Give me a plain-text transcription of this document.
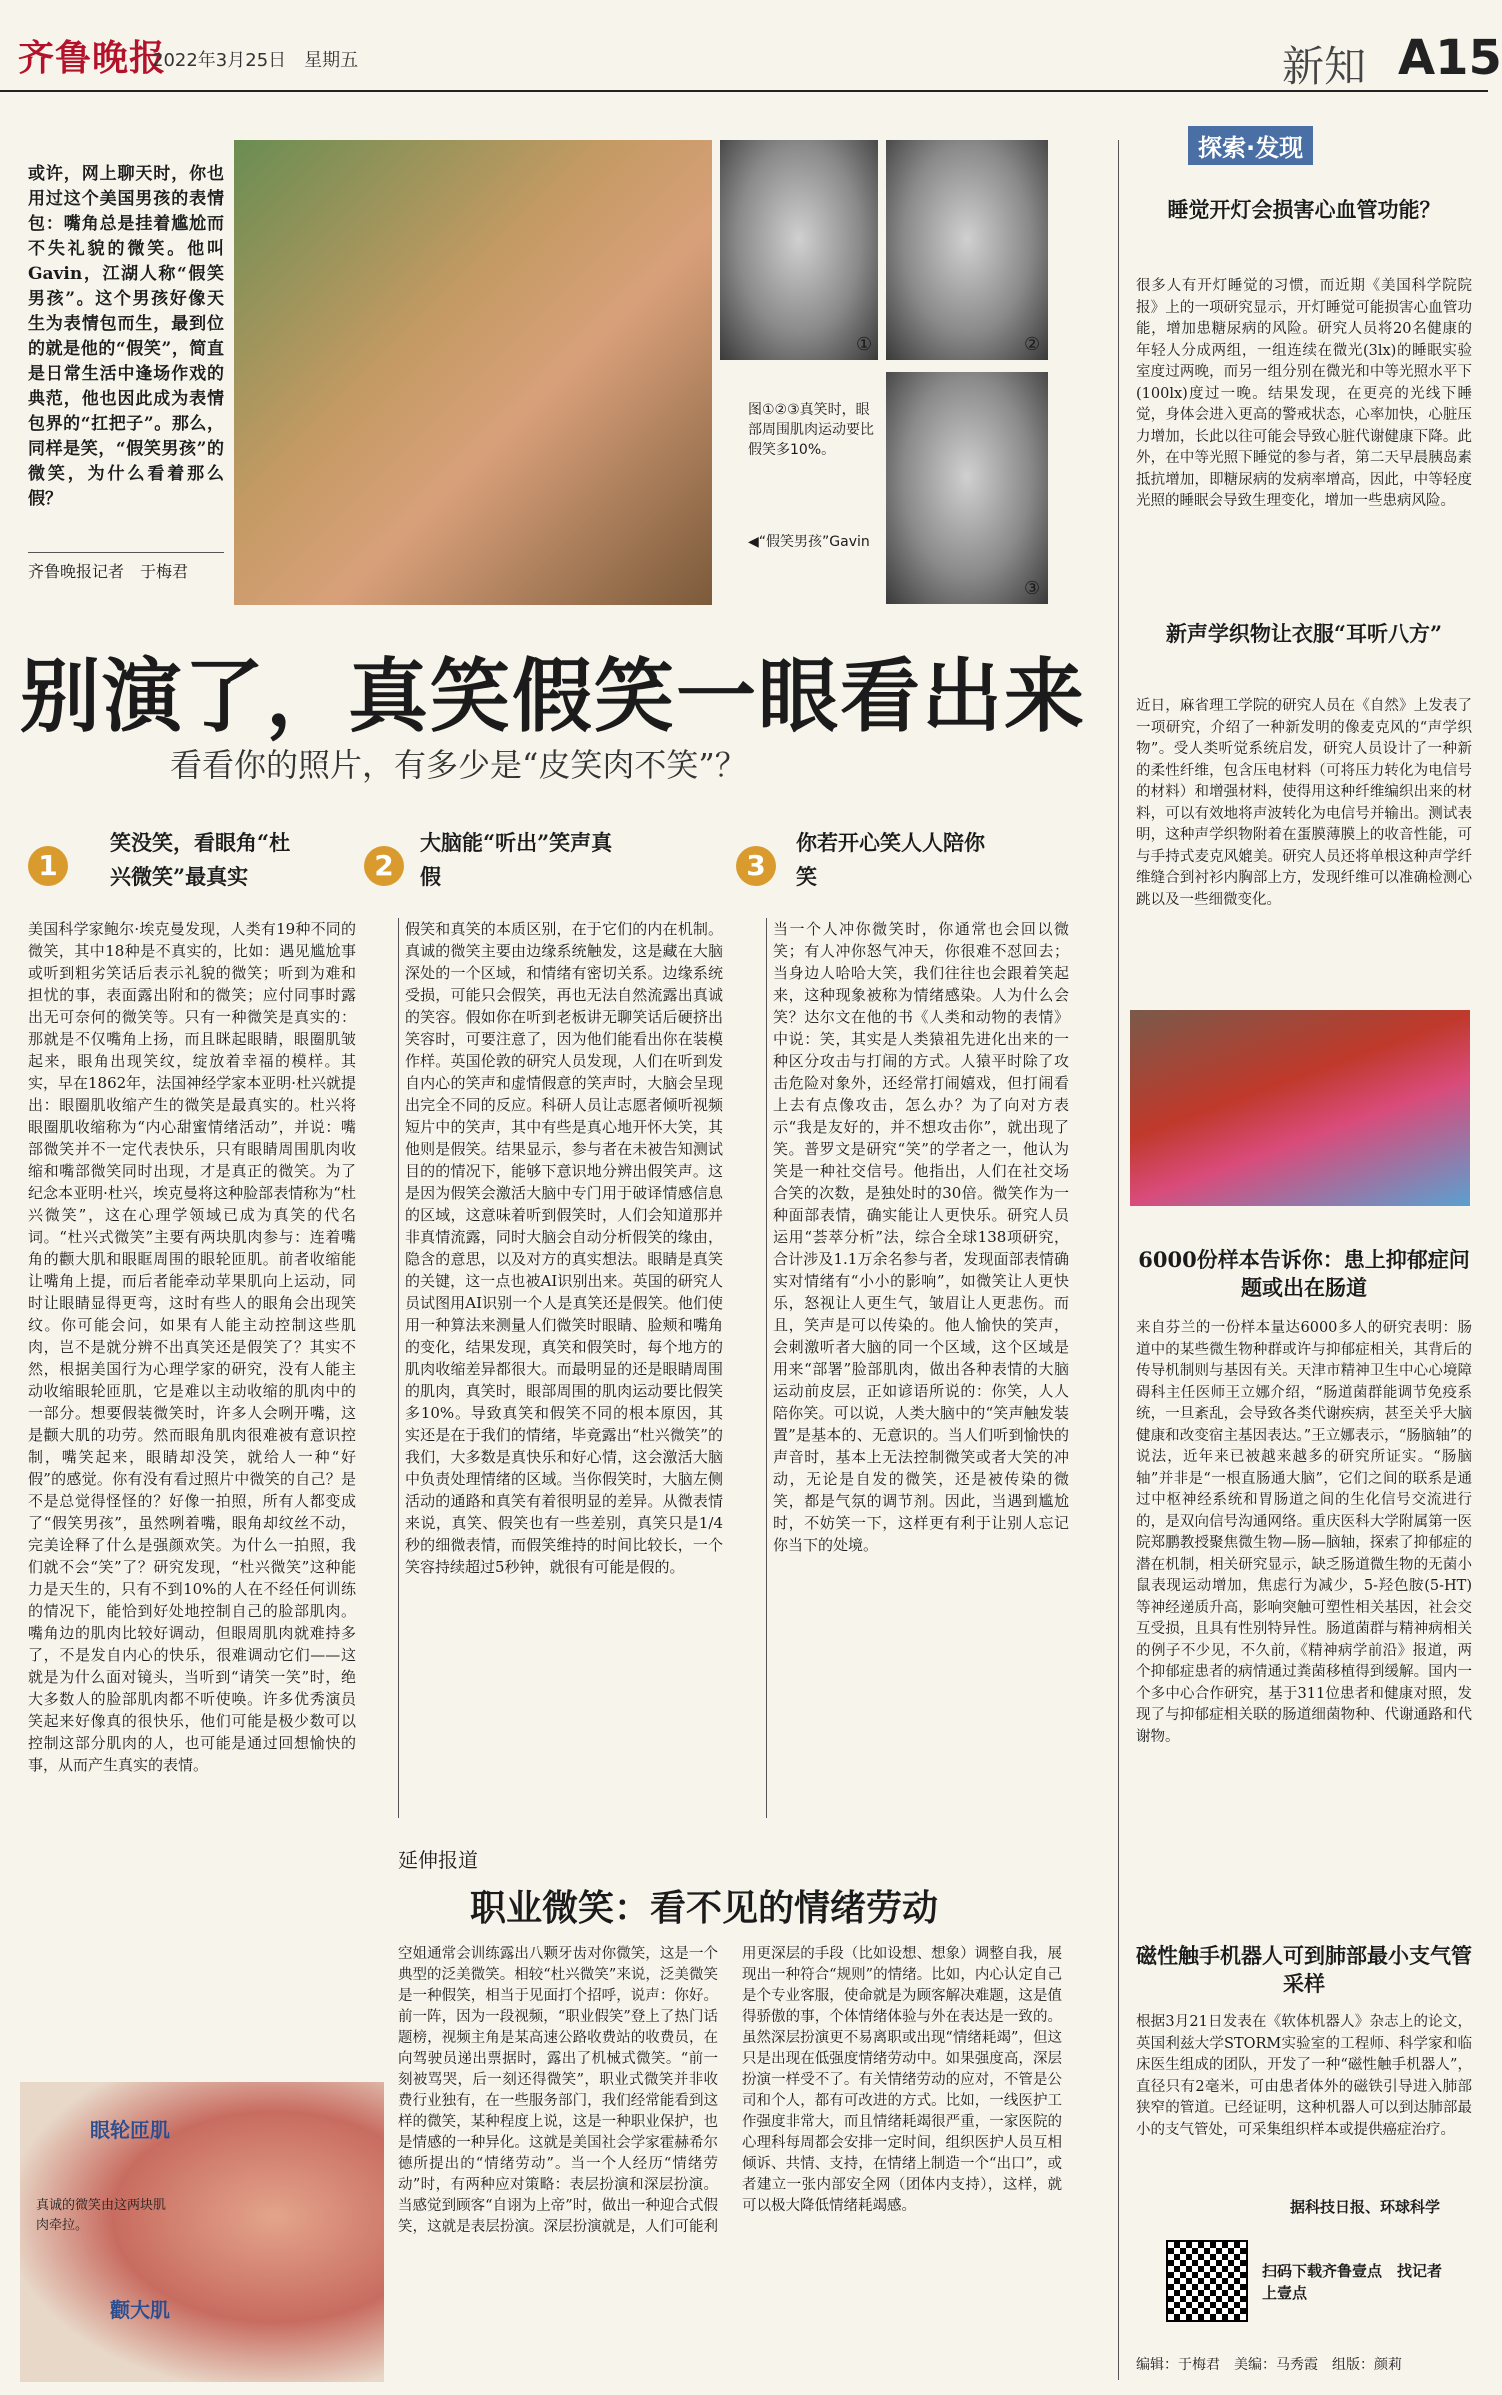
齐鲁晚报
2022年3月25日　星期五	新知 A15
或许，网上聊天时，你也用过这个美国男孩的表情包：嘴角总是挂着尴尬而不失礼貌的微笑。他叫Gavin，江湖人称“假笑男孩”。这个男孩好像天生为表情包而生，最到位的就是他的“假笑”，简直是日常生活中逢场作戏的典范，他也因此成为表情包界的“扛把子”。那么，同样是笑，“假笑男孩”的微笑，为什么看着那么假？
齐鲁晚报记者　于梅君
①	②
③
图①②③真笑时，眼部周围肌肉运动要比假笑多10%。
◀“假笑男孩”Gavin
别演了，真笑假笑一眼看出来
看看你的照片，有多少是“皮笑肉不笑”？
1
笑没笑，看眼角“杜兴微笑”最真实
美国科学家鲍尔·埃克曼发现，人类有19种不同的微笑，其中18种是不真实的，比如：遇见尴尬事或听到粗劣笑话后表示礼貌的微笑；听到为难和担忧的事，表面露出附和的微笑；应付同事时露出无可奈何的微笑等。只有一种微笑是真实的：那就是不仅嘴角上扬，而且眯起眼睛，眼圈肌皱起来，眼角出现笑纹，绽放着幸福的模样。其实，早在1862年，法国神经学家本亚明·杜兴就提出：眼圈肌收缩产生的微笑是最真实的。杜兴将眼圈肌收缩称为“内心甜蜜情绪活动”，并说：嘴部微笑并不一定代表快乐，只有眼睛周围肌肉收缩和嘴部微笑同时出现，才是真正的微笑。为了纪念本亚明·杜兴，埃克曼将这种脸部表情称为“杜兴微笑”，这在心理学领域已成为真笑的代名词。“杜兴式微笑”主要有两块肌肉参与：连着嘴角的颧大肌和眼眶周围的眼轮匝肌。前者收缩能让嘴角上提，而后者能牵动苹果肌向上运动，同时让眼睛显得更弯，这时有些人的眼角会出现笑纹。你可能会问，如果有人能主动控制这些肌肉，岂不是就分辨不出真笑还是假笑了？其实不然，根据美国行为心理学家的研究，没有人能主动收缩眼轮匝肌，它是难以主动收缩的肌肉中的一部分。想要假装微笑时，许多人会咧开嘴，这是颧大肌的功劳。然而眼角肌肉很难被有意识控制，嘴笑起来，眼睛却没笑，就给人一种“好假”的感觉。你有没有看过照片中微笑的自己？是不是总觉得怪怪的？好像一拍照，所有人都变成了“假笑男孩”，虽然咧着嘴，眼角却纹丝不动，完美诠释了什么是强颜欢笑。为什么一拍照，我们就不会“笑”了？研究发现，“杜兴微笑”这种能力是天生的，只有不到10%的人在不经任何训练的情况下，能恰到好处地控制自己的脸部肌肉。嘴角边的肌肉比较好调动，但眼周肌肉就难持多了，不是发自内心的快乐，很难调动它们——这就是为什么面对镜头，当听到“请笑一笑”时，绝大多数人的脸部肌肉都不听使唤。许多优秀演员笑起来好像真的很快乐，他们可能是极少数可以控制这部分肌肉的人，也可能是通过回想愉快的事，从而产生真实的表情。
2
大脑能“听出”笑声真假
假笑和真笑的本质区别，在于它们的内在机制。真诚的微笑主要由边缘系统触发，这是藏在大脑深处的一个区域，和情绪有密切关系。边缘系统受损，可能只会假笑，再也无法自然流露出真诚的笑容。假如你在听到老板讲无聊笑话后硬挤出笑容时，可要注意了，因为他们能看出你在装模作样。英国伦敦的研究人员发现，人们在听到发自内心的笑声和虚情假意的笑声时，大脑会呈现出完全不同的反应。科研人员让志愿者倾听视频短片中的笑声，其中有些是真心地开怀大笑，其他则是假笑。结果显示，参与者在未被告知测试目的的情况下，能够下意识地分辨出假笑声。这是因为假笑会激活大脑中专门用于破译情感信息的区域，这意味着听到假笑时，人们会知道那并非真情流露，同时大脑会自动分析假笑的缘由，隐含的意思，以及对方的真实想法。眼睛是真笑的关键，这一点也被AI识别出来。英国的研究人员试图用AI识别一个人是真笑还是假笑。他们使用一种算法来测量人们微笑时眼睛、脸颊和嘴角的变化，结果发现，真笑和假笑时，每个地方的肌肉收缩差异都很大。而最明显的还是眼睛周围的肌肉，真笑时，眼部周围的肌肉运动要比假笑多10%。导致真笑和假笑不同的根本原因，其实还是在于我们的情绪，毕竟露出“杜兴微笑”的我们，大多数是真快乐和好心情，这会激活大脑中负责处理情绪的区域。当你假笑时，大脑左侧活动的通路和真笑有着很明显的差异。从微表情来说，真笑、假笑也有一些差别，真笑只是1/4秒的细微表情，而假笑维持的时间比较长，一个笑容持续超过5秒钟，就很有可能是假的。
3
你若开心笑人人陪你笑
当一个人冲你微笑时，你通常也会回以微笑；有人冲你怒气冲天，你很难不怼回去；当身边人哈哈大笑，我们往往也会跟着笑起来，这种现象被称为情绪感染。人为什么会笑？达尔文在他的书《人类和动物的表情》中说：笑，其实是人类猿祖先进化出来的一种区分攻击与打闹的方式。人猿平时除了攻击危险对象外，还经常打闹嬉戏，但打闹看上去有点像攻击，怎么办？为了向对方表示“我是友好的，并不想攻击你”，就出现了笑。普罗文是研究“笑”的学者之一，他认为笑是一种社交信号。他指出，人们在社交场合笑的次数，是独处时的30倍。微笑作为一种面部表情，确实能让人更快乐。研究人员运用“荟萃分析”法，综合全球138项研究，合计涉及1.1万余名参与者，发现面部表情确实对情绪有“小小的影响”，如微笑让人更快乐，怒视让人更生气，皱眉让人更悲伤。而且，笑声是可以传染的。他人愉快的笑声，会刺激听者大脑的同一个区域，这个区域是用来“部署”脸部肌肉，做出各种表情的大脑运动前皮层，正如谚语所说的：你笑，人人陪你笑。可以说，人类大脑中的“笑声触发装置”是基本的、无意识的。当人们听到愉快的声音时，基本上无法控制微笑或者大笑的冲动，无论是自发的微笑，还是被传染的微笑，都是气氛的调节剂。因此，当遇到尴尬时，不妨笑一下，这样更有利于让别人忘记你当下的处境。
延伸报道
职业微笑：看不见的情绪劳动
空姐通常会训练露出八颗牙齿对你微笑，这是一个典型的泛美微笑。相较“杜兴微笑”来说，泛美微笑是一种假笑，相当于见面打个招呼，说声：你好。前一阵，因为一段视频，“职业假笑”登上了热门话题榜，视频主角是某高速公路收费站的收费员，在向驾驶员递出票据时，露出了机械式微笑。“前一刻被骂哭，后一刻还得微笑”，职业式微笑并非收费行业独有，在一些服务部门，我们经常能看到这样的微笑，某种程度上说，这是一种职业保护，也是情感的一种异化。这就是美国社会学家霍赫希尔德所提出的“情绪劳动”。当一个人经历“情绪劳动”时，有两种应对策略：表层扮演和深层扮演。当感觉到顾客“自诩为上帝”时，做出一种迎合式假笑，这就是表层扮演。深层扮演就是，人们可能利用更深层的手段（比如设想、想象）调整自我，展现出一种符合“规则”的情绪。比如，内心认定自己是个专业客服，使命就是为顾客解决难题，这是值得骄傲的事，个体情绪体验与外在表达是一致的。虽然深层扮演更不易离职或出现“情绪耗竭”，但这只是出现在低强度情绪劳动中。如果强度高，深层扮演一样受不了。有关情绪劳动的应对，不管是公司和个人，都有可改进的方式。比如，一线医护工作强度非常大，而且情绪耗竭很严重，一家医院的心理科每周都会安排一定时间，组织医护人员互相倾诉、共情、支持，在情绪上制造一个“出口”，或者建立一张内部安全网（团体内支持），这样，就可以极大降低情绪耗竭感。
眼轮匝肌
颧大肌
真诚的微笑由这两块肌肉牵拉。
探索·发现
睡觉开灯会损害心血管功能？
很多人有开灯睡觉的习惯，而近期《美国科学院院报》上的一项研究显示，开灯睡觉可能损害心血管功能，增加患糖尿病的风险。研究人员将20名健康的年轻人分成两组，一组连续在微光(3lx)的睡眠实验室度过两晚，而另一组分别在微光和中等光照水平下(100lx)度过一晚。结果发现，在更亮的光线下睡觉，身体会进入更高的警戒状态，心率加快，心脏压力增加，长此以往可能会导致心脏代谢健康下降。此外，在中等光照下睡觉的参与者，第二天早晨胰岛素抵抗增加，即糖尿病的发病率增高，因此，中等轻度光照的睡眠会导致生理变化，增加一些患病风险。
新声学织物让衣服“耳听八方”
近日，麻省理工学院的研究人员在《自然》上发表了一项研究，介绍了一种新发明的像麦克风的“声学织物”。受人类听觉系统启发，研究人员设计了一种新的柔性纤维，包含压电材料（可将压力转化为电信号的材料）和增强材料，使得用这种纤维编织出来的材料，可以有效地将声波转化为电信号并输出。测试表明，这种声学织物附着在蛋膜薄膜上的收音性能，可与手持式麦克风媲美。研究人员还将单根这种声学纤维缝合到衬衫内胸部上方，发现纤维可以准确检测心跳以及一些细微变化。
6000份样本告诉你：患上抑郁症问题或出在肠道
来自芬兰的一份样本量达6000多人的研究表明：肠道中的某些微生物种群或许与抑郁症相关，其背后的传导机制则与基因有关。天津市精神卫生中心心境障碍科主任医师王立娜介绍，“肠道菌群能调节免疫系统，一旦紊乱，会导致各类代谢疾病，甚至关乎大脑健康和改变宿主基因表达。”王立娜表示，“肠脑轴”的说法，近年来已被越来越多的研究所证实。“肠脑轴”并非是“一根直肠通大脑”，它们之间的联系是通过中枢神经系统和胃肠道之间的生化信号交流进行的，是双向信号沟通网络。重庆医科大学附属第一医院郑鹏教授聚焦微生物—肠—脑轴，探索了抑郁症的潜在机制，相关研究显示，缺乏肠道微生物的无菌小鼠表现运动增加，焦虑行为减少，5-羟色胺(5-HT)等神经递质升高，影响突触可塑性相关基因，社会交互受损，且具有性别特异性。肠道菌群与精神病相关的例子不少见，不久前，《精神病学前沿》报道，两个抑郁症患者的病情通过粪菌移植得到缓解。国内一个多中心合作研究，基于311位患者和健康对照，发现了与抑郁症相关联的肠道细菌物种、代谢通路和代谢物。
磁性触手机器人可到肺部最小支气管采样
根据3月21日发表在《软体机器人》杂志上的论文，英国利兹大学STORM实验室的工程师、科学家和临床医生组成的团队，开发了一种“磁性触手机器人”，直径只有2毫米，可由患者体外的磁铁引导进入肺部狭窄的管道。已经证明，这种机器人可以到达肺部最小的支气管处，可采集组织样本或提供癌症治疗。
据科技日报、环球科学
扫码下载齐鲁壹点　找记者　上壹点
编辑：于梅君　美编：马秀霞　组版：颜莉
